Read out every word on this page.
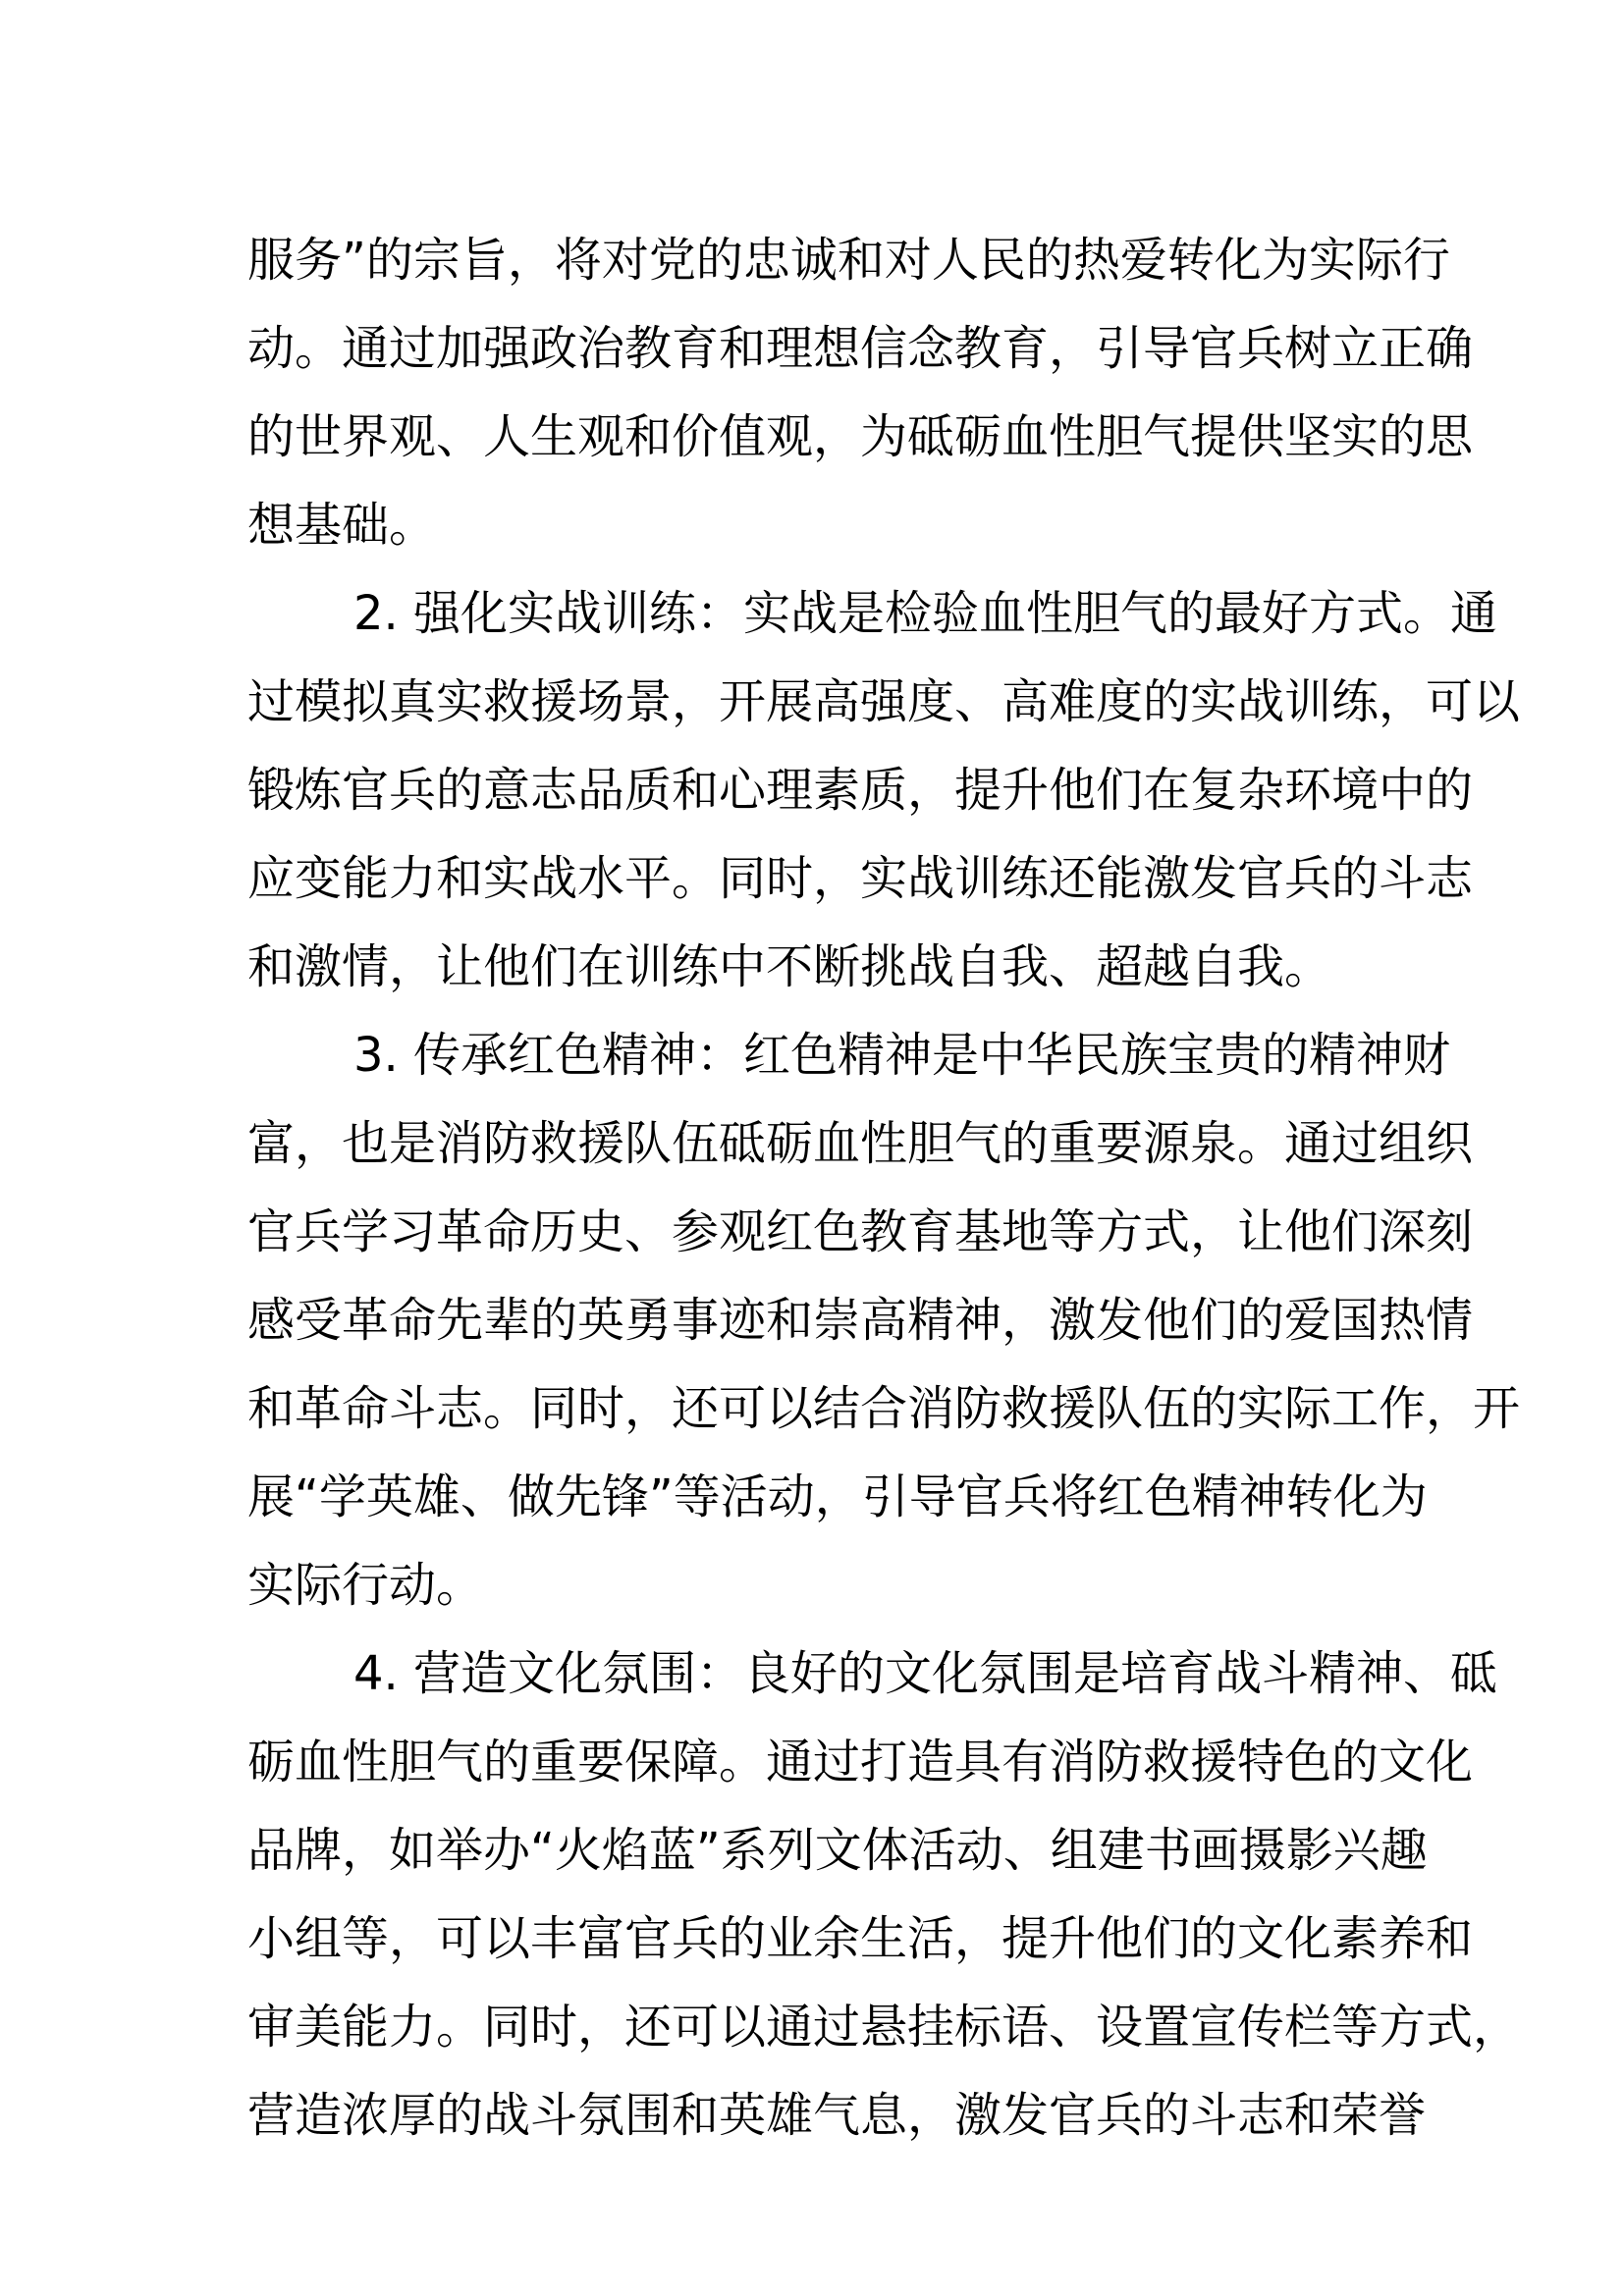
服务”的宗旨，将对党的忠诚和对人民的热爱转化为实际行
动。通过加强政治教育和理想信念教育，引导官兵树立正确
的世界观、人生观和价值观，为砥砺血性胆气提供坚实的思
想基础。
2. 强化实战训练：实战是检验血性胆气的最好方式。通
过模拟真实救援场景，开展高强度、高难度的实战训练，可以
锻炼官兵的意志品质和心理素质，提升他们在复杂环境中的
应变能力和实战水平。同时，实战训练还能激发官兵的斗志
和激情，让他们在训练中不断挑战自我、超越自我。
3. 传承红色精神：红色精神是中华民族宝贵的精神财
富，也是消防救援队伍砥砺血性胆气的重要源泉。通过组织
官兵学习革命历史、参观红色教育基地等方式，让他们深刻
感受革命先辈的英勇事迹和崇高精神，激发他们的爱国热情
和革命斗志。同时，还可以结合消防救援队伍的实际工作，开
展“学英雄、做先锋”等活动，引导官兵将红色精神转化为
实际行动。
4. 营造文化氛围：良好的文化氛围是培育战斗精神、砥
砺血性胆气的重要保障。通过打造具有消防救援特色的文化
品牌，如举办“火焰蓝”系列文体活动、组建书画摄影兴趣
小组等，可以丰富官兵的业余生活，提升他们的文化素养和
审美能力。同时，还可以通过悬挂标语、设置宣传栏等方式，
营造浓厚的战斗氛围和英雄气息，激发官兵的斗志和荣誉
